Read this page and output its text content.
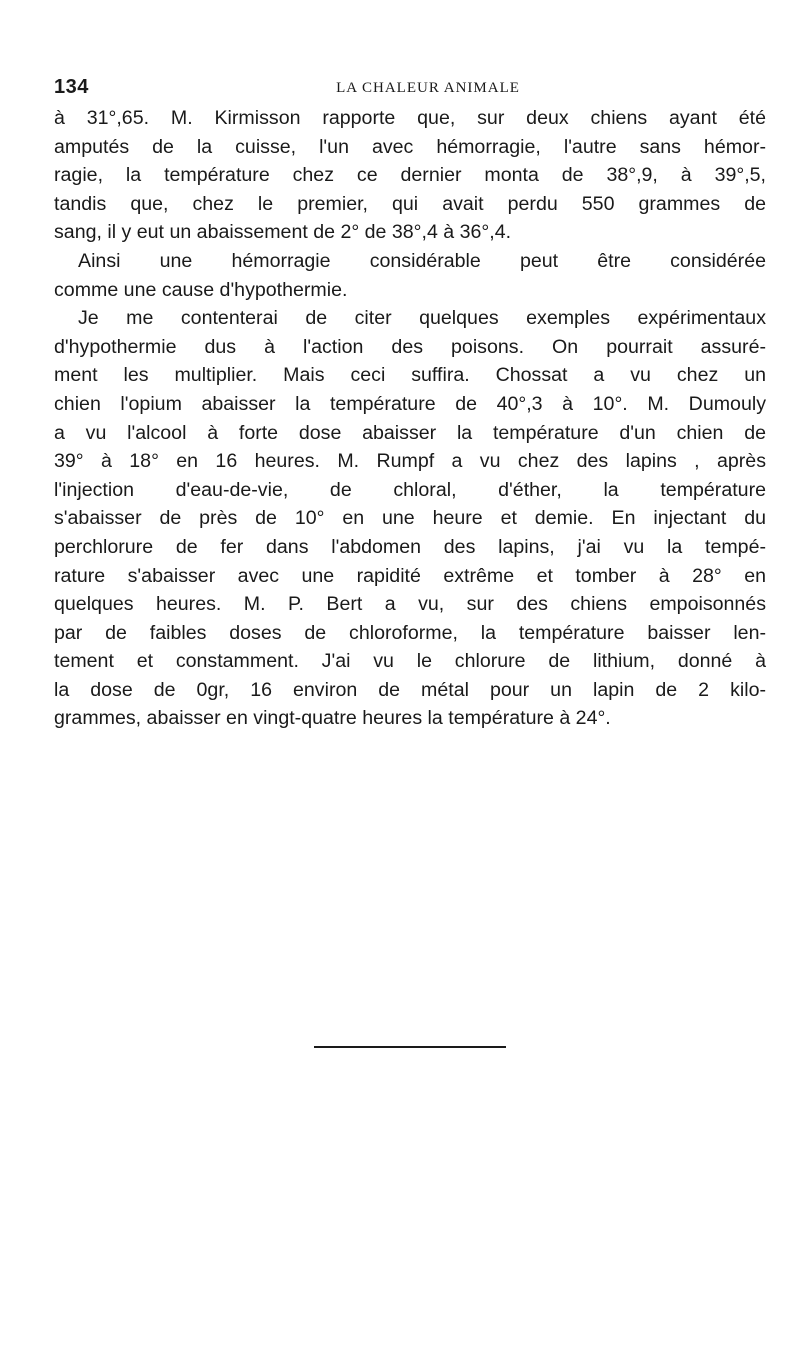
134	LA CHALEUR ANIMALE
à 31°,65. M. Kirmisson rapporte que, sur deux chiens ayant été
amputés de la cuisse, l'un avec hémorragie, l'autre sans hémor-
ragie, la température chez ce dernier monta de 38°,9, à 39°,5,
tandis que, chez le premier, qui avait perdu 550 grammes de
sang, il y eut un abaissement de 2° de 38°,4 à 36°,4.
Ainsi une hémorragie considérable peut être considérée
comme une cause d'hypothermie.
Je me contenterai de citer quelques exemples expérimentaux
d'hypothermie dus à l'action des poisons. On pourrait assuré-
ment les multiplier. Mais ceci suffira. Chossat a vu chez un
chien l'opium abaisser la température de 40°,3 à 10°. M. Dumouly
a vu l'alcool à forte dose abaisser la température d'un chien de
39° à 18° en 16 heures. M. Rumpf a vu chez des lapins , après
l'injection d'eau-de-vie, de chloral, d'éther, la température
s'abaisser de près de 10° en une heure et demie. En injectant du
perchlorure de fer dans l'abdomen des lapins, j'ai vu la tempé-
rature s'abaisser avec une rapidité extrême et tomber à 28° en
quelques heures. M. P. Bert a vu, sur des chiens empoisonnés
par de faibles doses de chloroforme, la température baisser len-
tement et constamment. J'ai vu le chlorure de lithium, donné à
la dose de 0gr, 16 environ de métal pour un lapin de 2 kilo-
grammes, abaisser en vingt-quatre heures la température à 24°.
